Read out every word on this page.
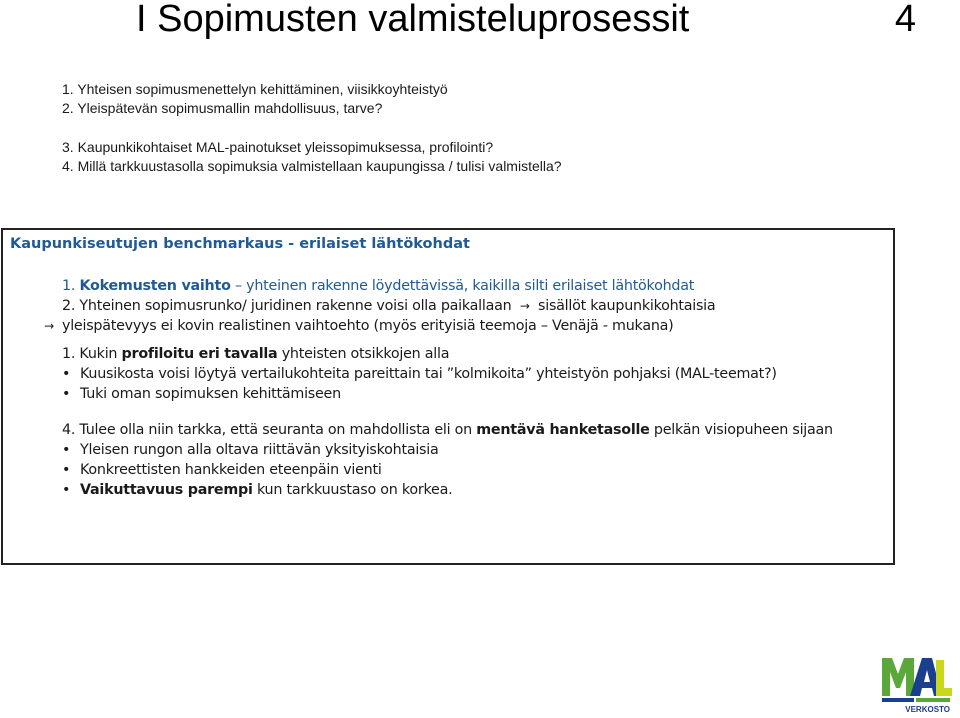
I Sopimusten valmisteluprosessit	4
1. Yhteisen sopimusmenettelyn kehittäminen, viisikkoyhteistyö
2. Yleispätevän sopimusmallin mahdollisuus, tarve?
3. Kaupunkikohtaiset MAL-painotukset yleissopimuksessa, profilointi?
4. Millä tarkkuustasolla sopimuksia valmistellaan kaupungissa / tulisi valmistella?
Kaupunkiseutujen benchmarkaus - erilaiset lähtökohdat
1. Kokemusten vaihto – yhteinen rakenne löydettävissä, kaikilla silti erilaiset lähtökohdat
2. Yhteinen sopimusrunko/ juridinen rakenne voisi olla paikallaan → sisällöt kaupunkikohtaisia
→ yleispätevyys ei kovin realistinen vaihtoehto (myös erityisiä teemoja – Venäjä - mukana)
1. Kukin profiloitu eri tavalla yhteisten otsikkojen alla
• Kuusikosta voisi löytyä vertailukohteita pareittain tai ”kolmikoita” yhteistyön pohjaksi (MAL-teemat?)
• Tuki oman sopimuksen kehittämiseen
4. Tulee olla niin tarkka, että seuranta on mahdollista eli on mentävä hanketasolle pelkän visiopuheen sijaan
• Yleisen rungon alla oltava riittävän yksityiskohtaisia
• Konkreettisten hankkeiden eteenpäin vienti
• Vaikuttavuus parempi kun tarkkuustaso on korkea.
VERKOSTO
